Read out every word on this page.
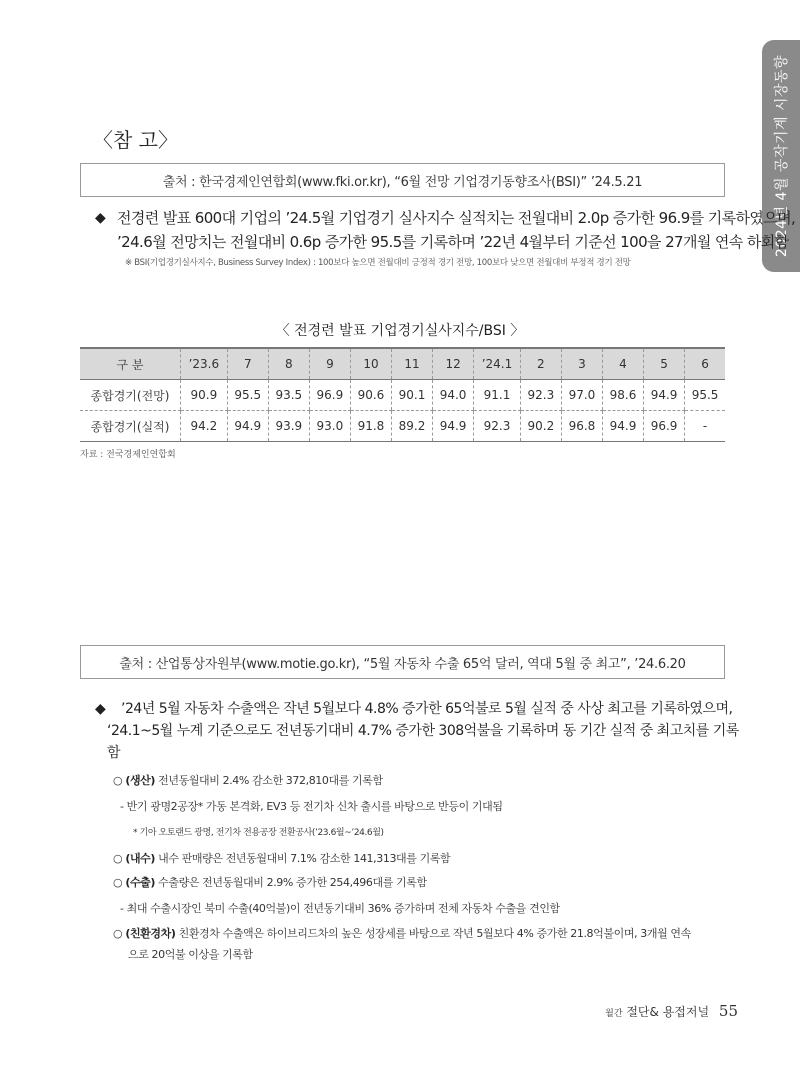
2024년 4월 공작기계 시장동향
〈참 고〉
출처 : 한국경제인연합회(www.fki.or.kr), “6월 전망 기업경기동향조사(BSI)” ’24.5.21
◆ 전경련 발표 600대 기업의 ’24.5월 기업경기 실사지수 실적치는 전월대비 2.0p 증가한 96.9를 기록하였으며,
’24.6월 전망치는 전월대비 0.6p 증가한 95.5를 기록하며 ’22년 4월부터 기준선 100을 27개월 연속 하회함
※ BSI(기업경기실사지수, Business Survey Index) : 100보다 높으면 전월대비 긍정적 경기 전망, 100보다 낮으면 전월대비 부정적 경기 전망
〈 전경련 발표 기업경기실사지수/BSI 〉
구 분	’23.6	7	8	9	10	11	12	’24.1	2	3	4	5	6
종합경기(전망)	90.9	95.5	93.5	96.9	90.6	90.1	94.0	91.1	92.3	97.0	98.6	94.9	95.5
종합경기(실적)	94.2	94.9	93.9	93.0	91.8	89.2	94.9	92.3	90.2	96.8	94.9	96.9	-
자료 : 전국경제인연합회
출처 : 산업통상자원부(www.motie.go.kr), “5월 자동차 수출 65억 달러, 역대 5월 중 최고”, ’24.6.20
◆ ’24년 5월 자동차 수출액은 작년 5월보다 4.8% 증가한 65억불로 5월 실적 중 사상 최고를 기록하였으며,
‘24.1~5월 누계 기준으로도 전년동기대비 4.7% 증가한 308억불을 기록하며 동 기간 실적 중 최고치를 기록
함
○ (생산) 전년동월대비 2.4% 감소한 372,810대를 기록함
- 반기 광명2공장* 가동 본격화, EV3 등 전기차 신차 출시를 바탕으로 반등이 기대됨
* 기아 오토랜드 광명, 전기차 전용공장 전환공사(’23.6월~’24.6월)
○ (내수) 내수 판매량은 전년동월대비 7.1% 감소한 141,313대를 기록함
○ (수출) 수출량은 전년동월대비 2.9% 증가한 254,496대를 기록함
- 최대 수출시장인 북미 수출(40억불)이 전년동기대비 36% 증가하며 전체 자동차 수출을 견인함
○ (친환경차) 친환경차 수출액은 하이브리드차의 높은 성장세를 바탕으로 작년 5월보다 4% 증가한 21.8억불이며, 3개월 연속
으로 20억불 이상을 기록함
월간 절단& 용접저널 55
